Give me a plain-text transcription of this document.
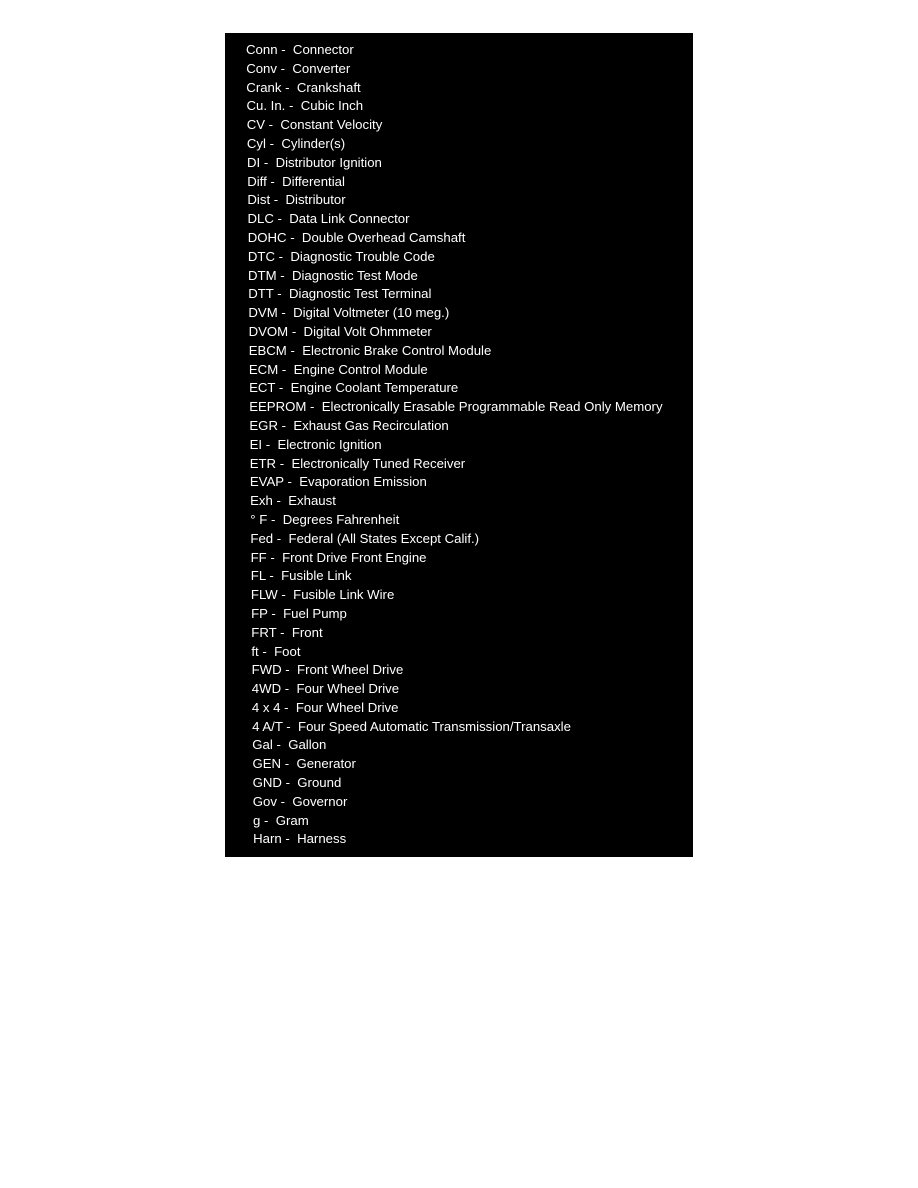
Conn - Connector
Conv - Converter
Crank - Crankshaft
Cu. In. - Cubic Inch
CV - Constant Velocity
Cyl - Cylinder(s)
DI - Distributor Ignition
Diff - Differential
Dist - Distributor
DLC - Data Link Connector
DOHC - Double Overhead Camshaft
DTC - Diagnostic Trouble Code
DTM - Diagnostic Test Mode
DTT - Diagnostic Test Terminal
DVM - Digital Voltmeter (10 meg.)
DVOM - Digital Volt Ohmmeter
EBCM - Electronic Brake Control Module
ECM - Engine Control Module
ECT - Engine Coolant Temperature
EEPROM - Electronically Erasable Programmable Read Only Memory
EGR - Exhaust Gas Recirculation
EI - Electronic Ignition
ETR - Electronically Tuned Receiver
EVAP - Evaporation Emission
Exh - Exhaust
° F - Degrees Fahrenheit
Fed - Federal (All States Except Calif.)
FF - Front Drive Front Engine
FL - Fusible Link
FLW - Fusible Link Wire
FP - Fuel Pump
FRT - Front
ft - Foot
FWD - Front Wheel Drive
4WD - Four Wheel Drive
4 x 4 - Four Wheel Drive
4 A/T - Four Speed Automatic Transmission/Transaxle
Gal - Gallon
GEN - Generator
GND - Ground
Gov - Governor
g - Gram
Harn - Harness
